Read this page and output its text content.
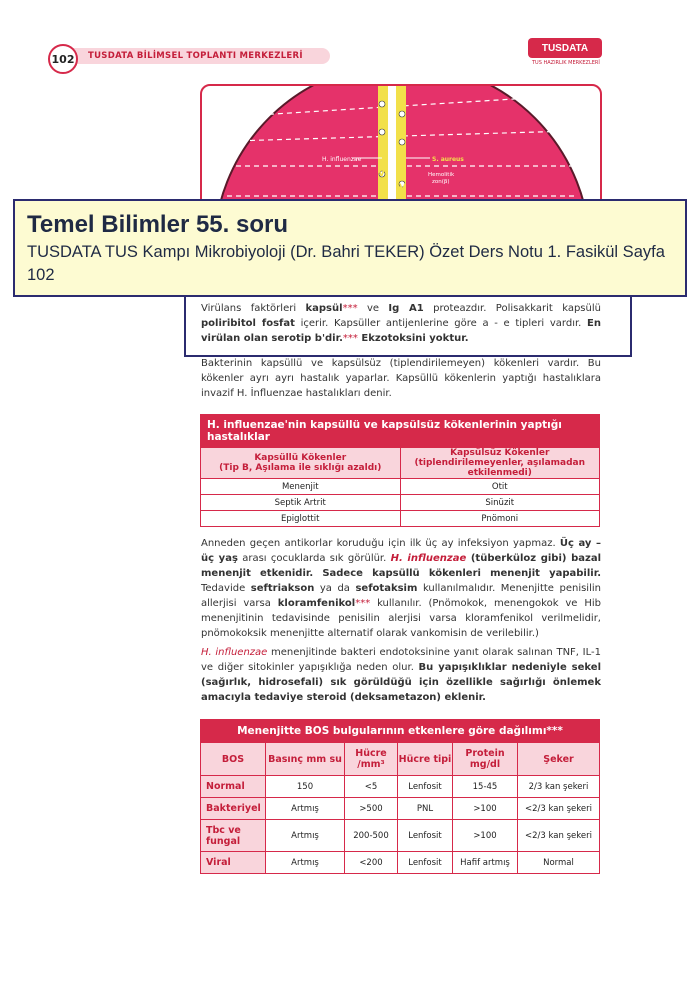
102	TUSDATA BİLİMSEL TOPLANTI MERKEZLERİ
TUSDATA
TUS HAZIRLIK MERKEZLERİ
V
V
V
V
H. influenzae	S. aureus
Hemolitik
zon(β)
Temel Bilimler 55. soru
TUSDATA TUS Kampı Mikrobiyoloji (Dr. Bahri TEKER) Özet Ders Notu 1. Fasikül Sayfa 102
Virülans faktörleri kapsül*** ve Ig A1 proteazdır. Polisakkarit kapsülü poliribitol fosfat içerir. Kapsüller antijenlerine göre a - e tipleri vardır. En virülan olan serotip b'dir.*** Ekzotoksini yoktur.
Bakterinin kapsüllü ve kapsülsüz (tiplendirilemeyen) kökenleri vardır. Bu kökenler ayrı ayrı hastalık yaparlar. Kapsüllü kökenlerin yaptığı hastalıklara invazif H. İnfluenzae hastalıkları denir.
H. influenzae'nin kapsüllü ve kapsülsüz kökenlerinin yaptığı hastalıklar	
Kapsüllü Kökenler
(Tip B, Aşılama ile sıklığı azaldı)	Kapsülsüz Kökenler (tiplendirilemeyenler, aşılamadan etkilenmedi)
Menenjit	Otit
Septik Artrit	Sinüzit
Epiglottit	Pnömoni
Anneden geçen antikorlar koruduğu için ilk üç ay infeksiyon yapmaz. Üç ay – üç yaş arası çocuklarda sık görülür. H. influenzae (tüberküloz gibi) bazal menenjit etkenidir. Sadece kapsüllü kökenleri menenjit yapabilir. Tedavide seftriakson ya da sefotaksim kullanılmalıdır. Menenjitte penisilin allerjisi varsa kloramfenikol*** kullanılır. (Pnömokok, menengokok ve Hib menenjitinin tedavisinde penisilin alerjisi varsa kloramfenikol verilmelidir, pnömokoksik menenjitte alternatif olarak vankomisin de verilebilir.)
H. influenzae menenjitinde bakteri endotoksinine yanıt olarak salınan TNF, IL-1 ve diğer sitokinler yapışıklığa neden olur. Bu yapışıklıklar nedeniyle sekel (sağırlık, hidrosefali) sık görüldüğü için özellikle sağırlığı önlemek amacıyla tedaviye steroid (deksametazon) eklenir.
Menenjitte BOS bulgularının etkenlere göre dağılımı***					
BOS	Basınç mm su	Hücre /mm³	Hücre tipi	Protein mg/dl	Şeker
Normal	150	<5	Lenfosit	15-45	2/3 kan şekeri
Bakteriyel	Artmış	>500	PNL	>100	<2/3 kan şekeri
Tbc ve fungal	Artmış	200-500	Lenfosit	>100	<2/3 kan şekeri
Viral	Artmış	<200	Lenfosit	Hafif artmış	Normal
